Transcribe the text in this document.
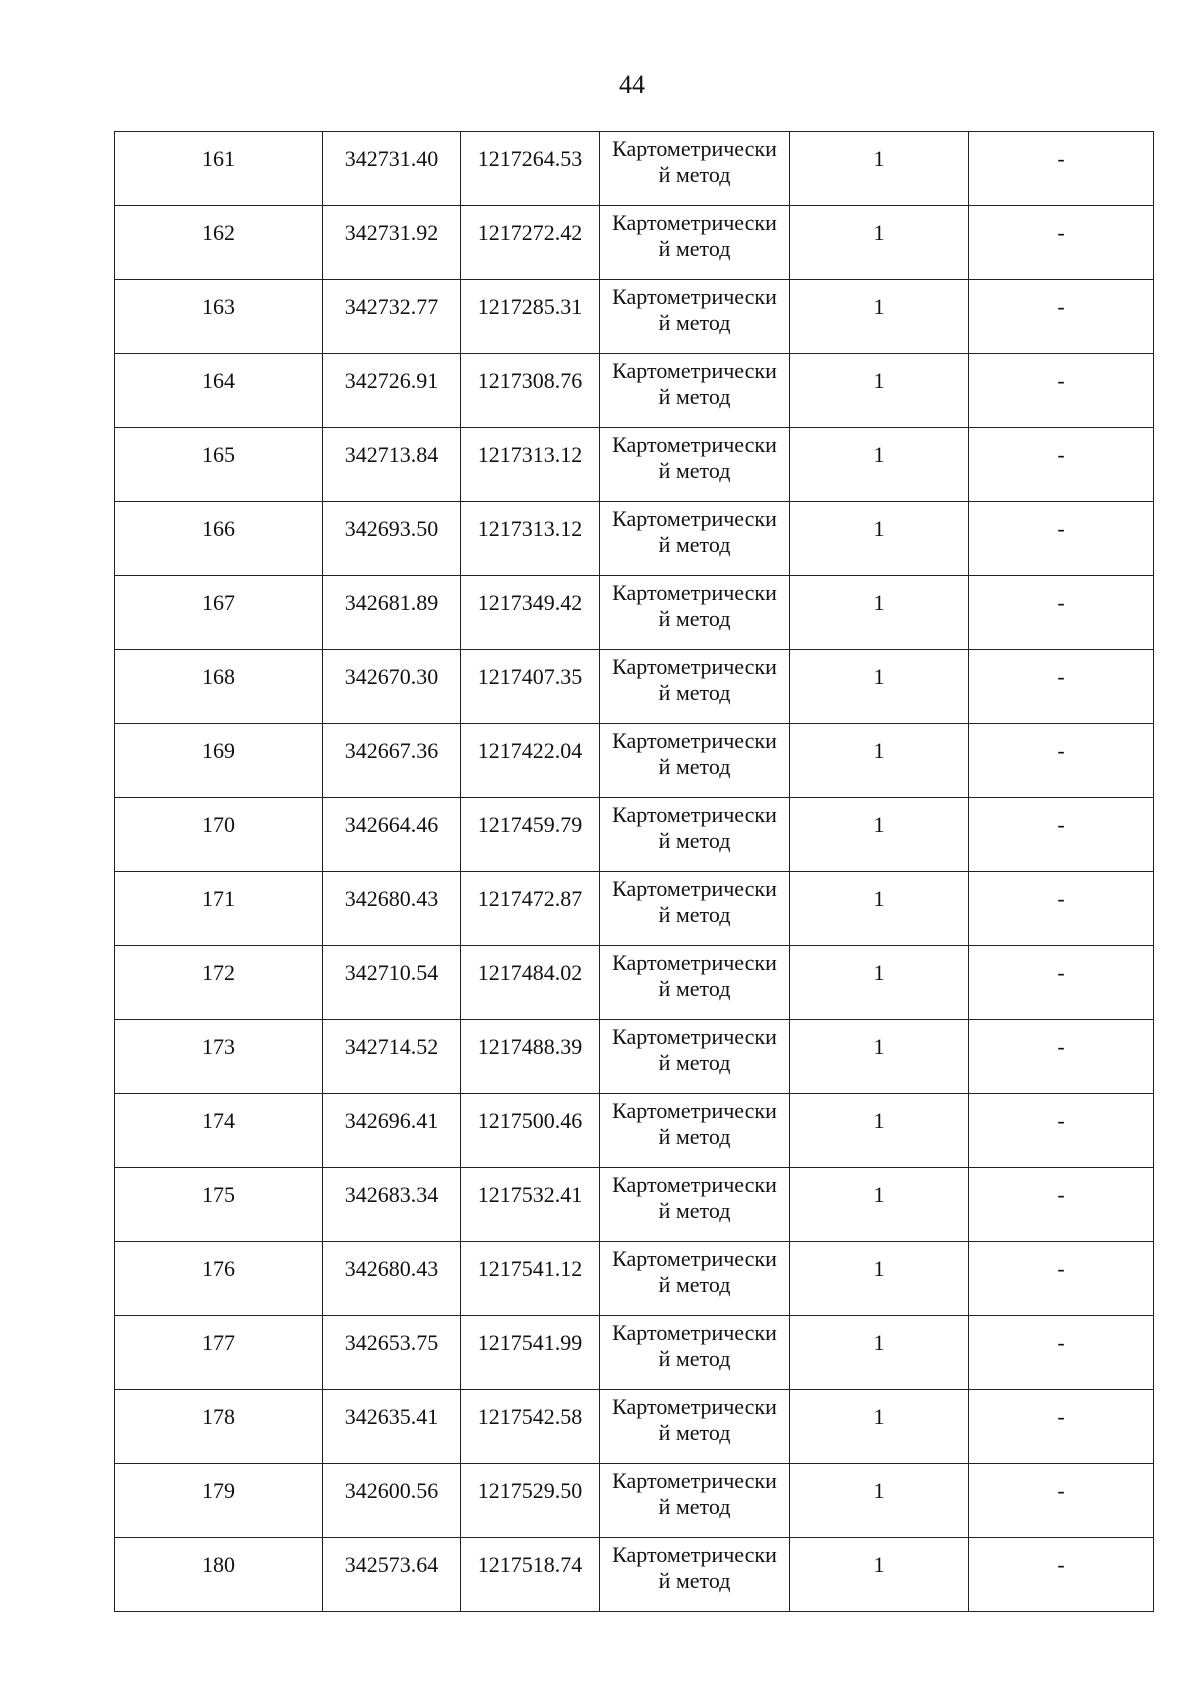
44
161	342731.40	1217264.53	Картометрически
й метод	1	-
162	342731.92	1217272.42	Картометрически
й метод	1	-
163	342732.77	1217285.31	Картометрически
й метод	1	-
164	342726.91	1217308.76	Картометрически
й метод	1	-
165	342713.84	1217313.12	Картометрически
й метод	1	-
166	342693.50	1217313.12	Картометрически
й метод	1	-
167	342681.89	1217349.42	Картометрически
й метод	1	-
168	342670.30	1217407.35	Картометрически
й метод	1	-
169	342667.36	1217422.04	Картометрически
й метод	1	-
170	342664.46	1217459.79	Картометрически
й метод	1	-
171	342680.43	1217472.87	Картометрически
й метод	1	-
172	342710.54	1217484.02	Картометрически
й метод	1	-
173	342714.52	1217488.39	Картометрически
й метод	1	-
174	342696.41	1217500.46	Картометрически
й метод	1	-
175	342683.34	1217532.41	Картометрически
й метод	1	-
176	342680.43	1217541.12	Картометрически
й метод	1	-
177	342653.75	1217541.99	Картометрически
й метод	1	-
178	342635.41	1217542.58	Картометрически
й метод	1	-
179	342600.56	1217529.50	Картометрически
й метод	1	-
180	342573.64	1217518.74	Картометрически
й метод	1	-
